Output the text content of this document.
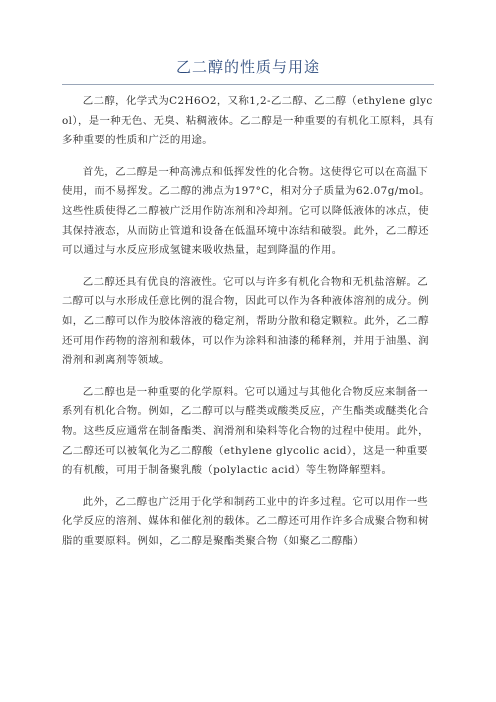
乙二醇的性质与用途

乙二醇，化学式为C2H6O2，又称1,2-乙二醇、乙二醇（ethylene glycol），是一种无色、无臭、粘稠液体。乙二醇是一种重要的有机化工原料，具有多种重要的性质和广泛的用途。

首先，乙二醇是一种高沸点和低挥发性的化合物。这使得它可以在高温下使用，而不易挥发。乙二醇的沸点为197°C，相对分子质量为62.07g/mol。这些性质使得乙二醇被广泛用作防冻剂和冷却剂。它可以降低液体的冰点，使其保持液态，从而防止管道和设备在低温环境中冻结和破裂。此外，乙二醇还可以通过与水反应形成氢键来吸收热量，起到降温的作用。

乙二醇还具有优良的溶液性。它可以与许多有机化合物和无机盐溶解。乙二醇可以与水形成任意比例的混合物，因此可以作为各种液体溶剂的成分。例如，乙二醇可以作为胶体溶液的稳定剂，帮助分散和稳定颗粒。此外，乙二醇还可用作药物的溶剂和载体，可以作为涂料和油漆的稀释剂，并用于油墨、润滑剂和剥离剂等领域。

乙二醇也是一种重要的化学原料。它可以通过与其他化合物反应来制备一系列有机化合物。例如，乙二醇可以与醛类或酸类反应，产生酯类或醚类化合物。这些反应通常在制备酯类、润滑剂和染料等化合物的过程中使用。此外，乙二醇还可以被氧化为乙二醇酸（ethylene glycolic acid），这是一种重要的有机酸，可用于制备聚乳酸（polylactic acid）等生物降解塑料。

此外，乙二醇也广泛用于化学和制药工业中的许多过程。它可以用作一些化学反应的溶剂、媒体和催化剂的载体。乙二醇还可用作许多合成聚合物和树脂的重要原料。例如，乙二醇是聚酯类聚合物（如聚乙二醇酯）
